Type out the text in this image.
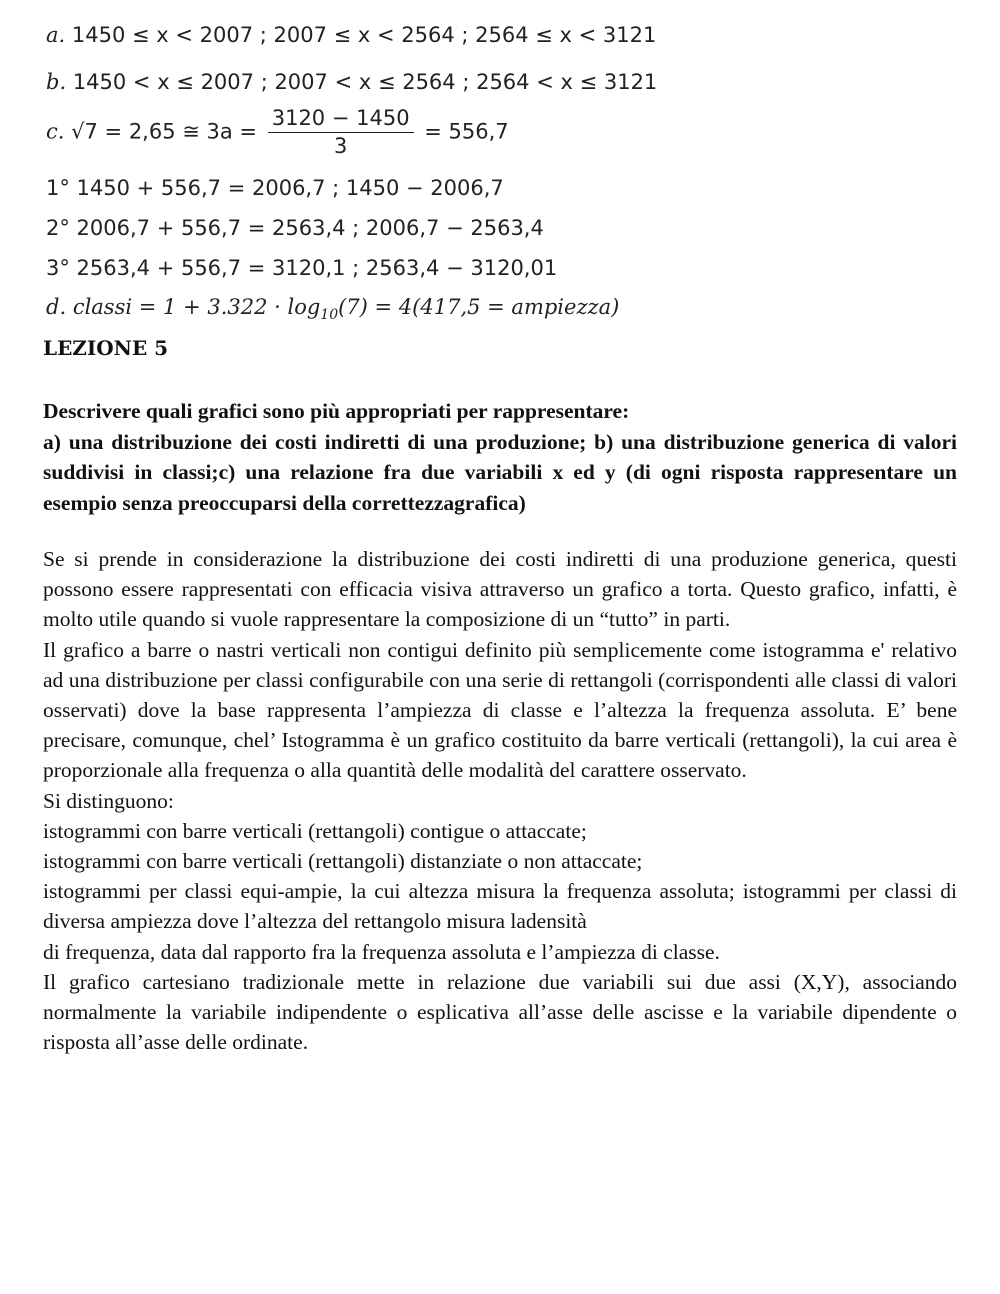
a. 1450 ≤ x < 2007 ; 2007 ≤ x < 2564 ; 2564 ≤ x < 3121
b. 1450 < x ≤ 2007 ; 2007 < x ≤ 2564 ; 2564 < x ≤ 3121
c. √7 = 2,65 ≅ $3a = \frac{3120 - 1450}{3} = 556,7$
1° 1450 + 556,7 = 2006,7 ; 1450 − 2006,7
2° 2006,7 + 556,7 = 2563,4 ; 2006,7 − 2563,4
3° 2563,4 + 556,7 = 3120,1 ; 2563,4 − 3120,01
d. classi = $1 + 3.322 \cdot \log_{10}(7) = 4(417,5$ = ampiezza)
LEZIONE 5

Descrivere quali grafici sono più appropriati per rappresentare:

a) una distribuzione dei costi indiretti di una produzione; b) una distribuzione generica di valori suddivisi in classi;c) una relazione fra due variabili x ed y (di ogni risposta rappresentare un esempio senza preoccuparsi della correttezzagrafica)

Se si prende in considerazione la distribuzione dei costi indiretti di una produzione generica, questi possono essere rappresentati con efficacia visiva attraverso un grafico a torta. Questo grafico, infatti, è molto utile quando si vuole rappresentare la composizione di un “tutto” in parti.

Il grafico a barre o nastri verticali non contigui definito più semplicemente come istogramma e' relativo ad una distribuzione per classi configurabile con una serie di rettangoli (corrispondenti alle classi di valori osservati) dove la base rappresenta l’ampiezza di classe e l’altezza la frequenza assoluta. E’ bene precisare, comunque, chel’ Istogramma è un grafico costituito da barre verticali (rettangoli), la cui area è proporzionale alla frequenza o alla quantità delle modalità del carattere osservato.

Si distinguono:

istogrammi con barre verticali (rettangoli) contigue o attaccate;

istogrammi con barre verticali (rettangoli) distanziate o non attaccate;

istogrammi per classi equi-ampie, la cui altezza misura la frequenza assoluta; istogrammi per classi di diversa ampiezza dove l’altezza del rettangolo misura ladensità

di frequenza, data dal rapporto fra la frequenza assoluta e l’ampiezza di classe.

Il grafico cartesiano tradizionale mette in relazione due variabili sui due assi (X,Y), associando normalmente la variabile indipendente o esplicativa all’asse delle ascisse e la variabile dipendente o risposta all’asse delle ordinate.
